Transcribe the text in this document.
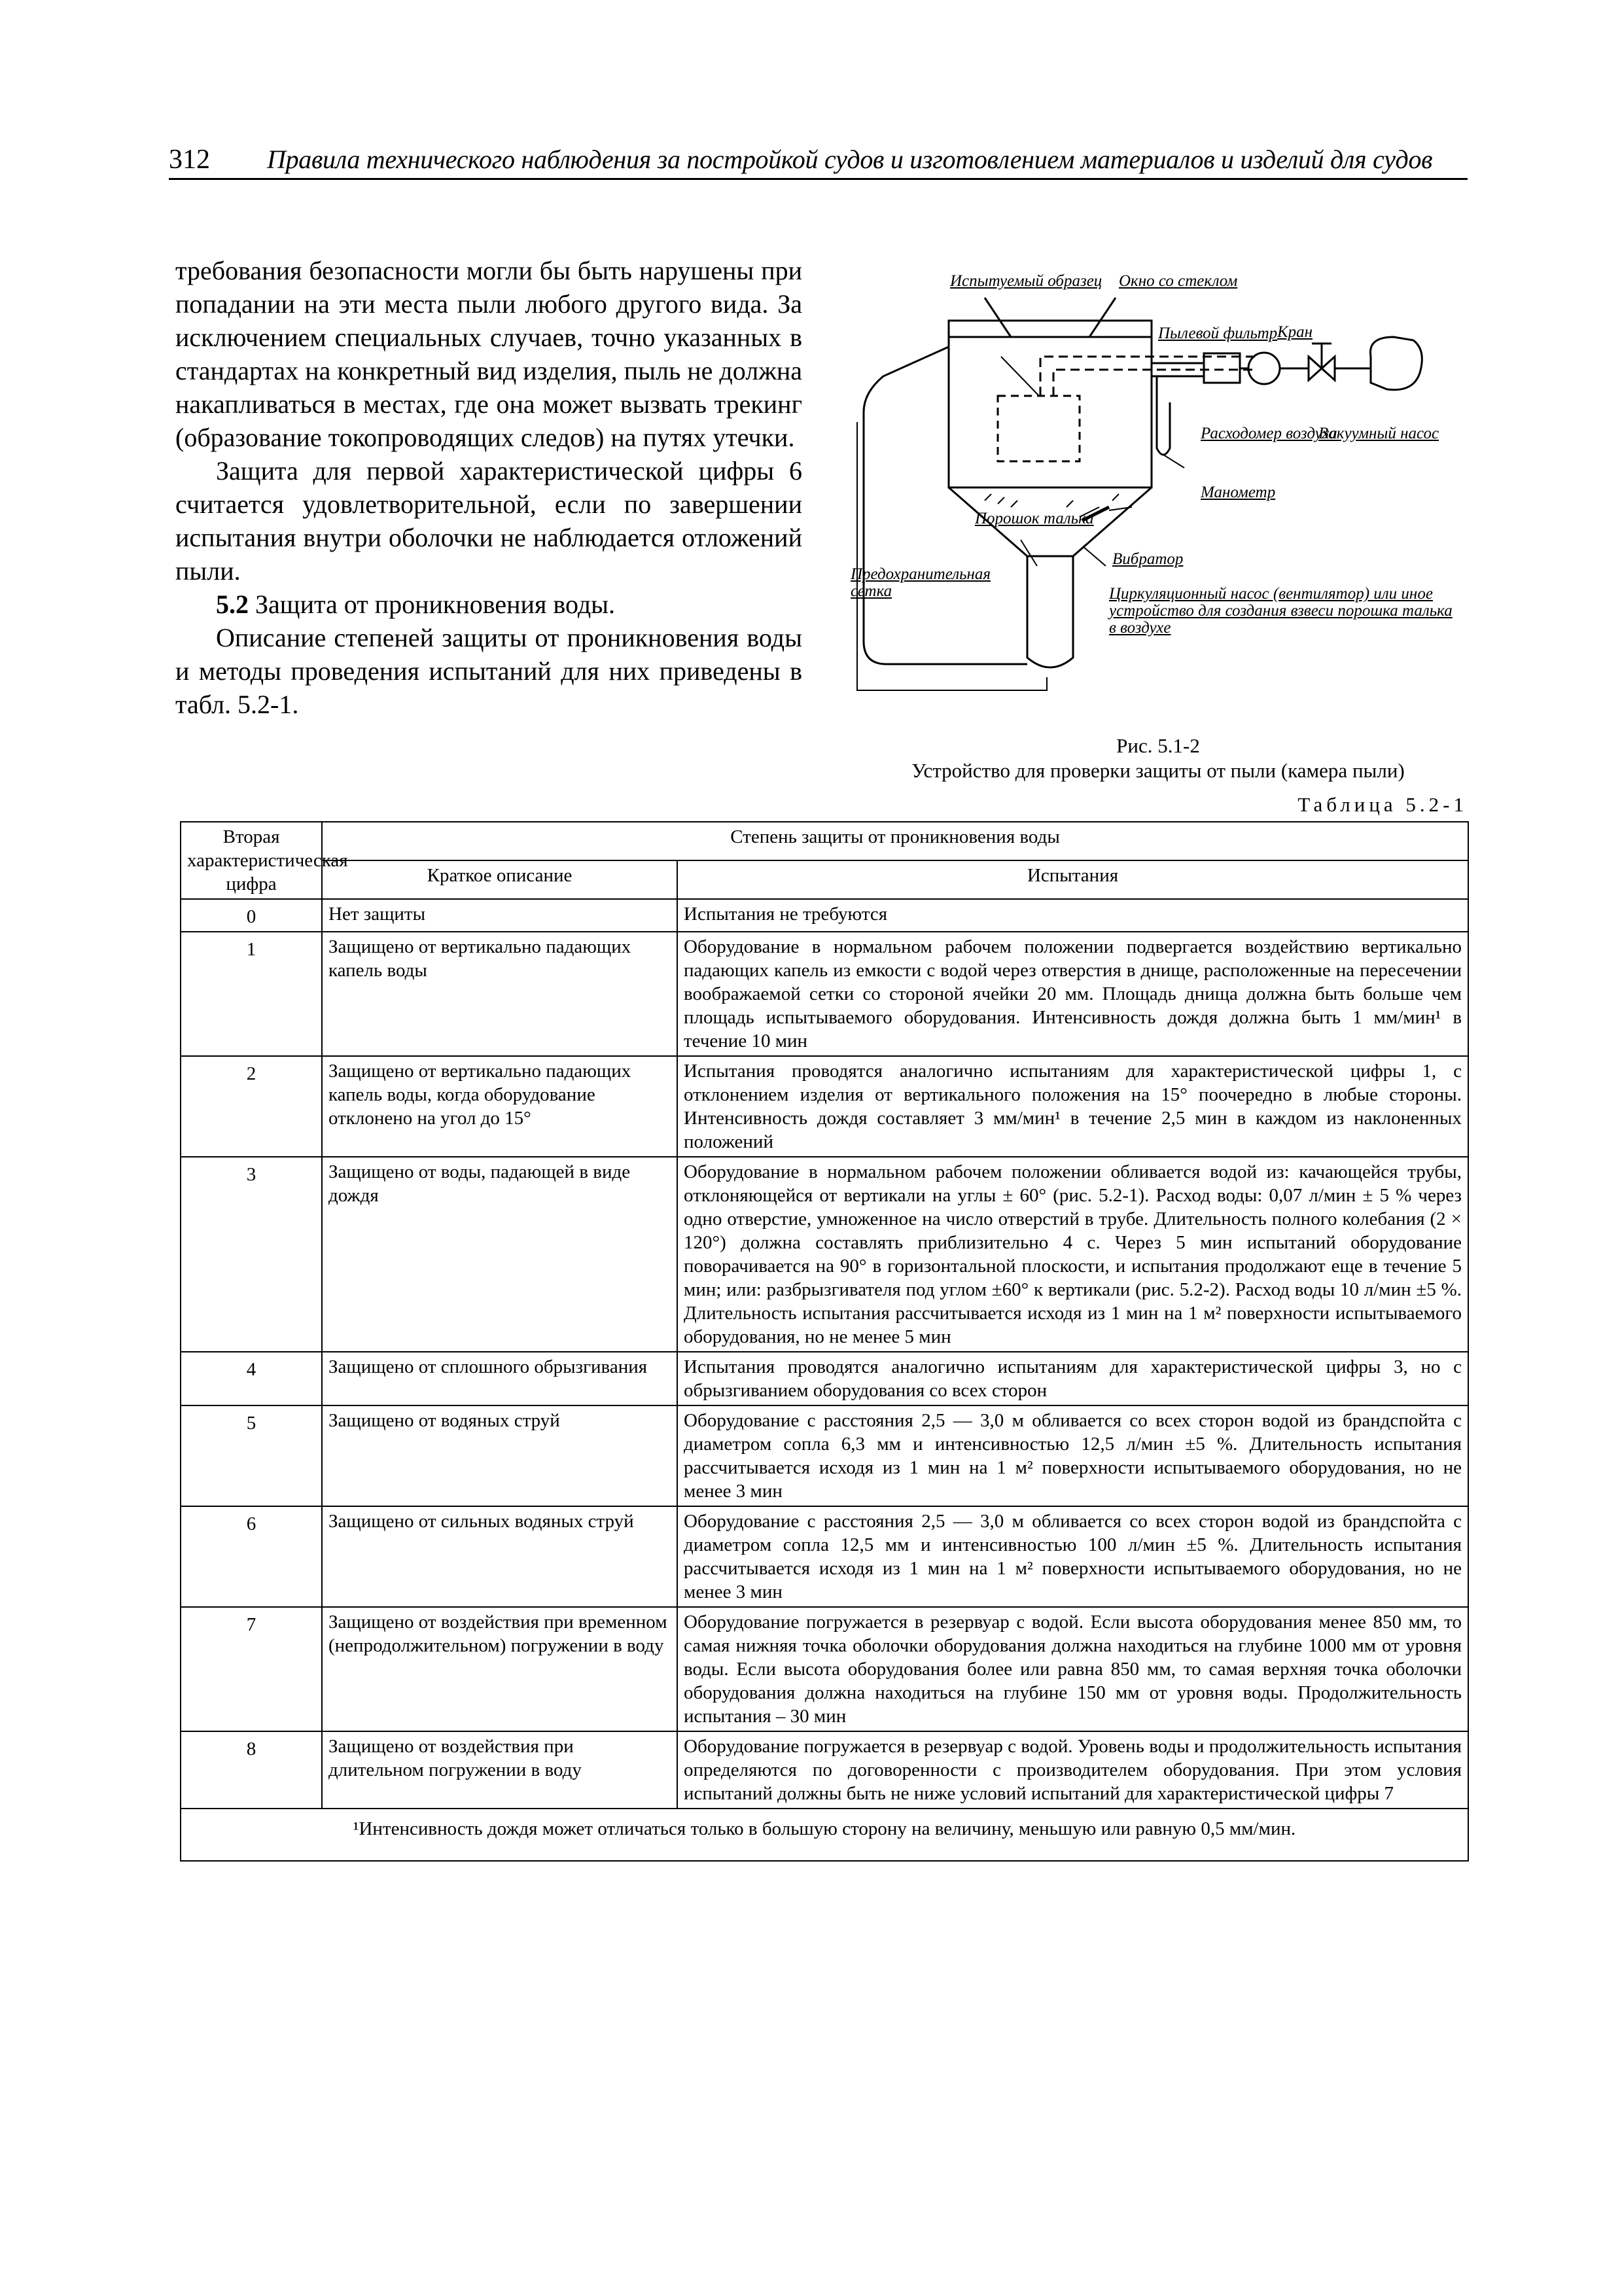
312 Правила технического наблюдения за постройкой судов и изготовлением материалов и изделий для судов

требования безопасности могли бы быть нарушены при попадании на эти места пыли любого другого вида. За исключением специальных случаев, точно указанных в стандартах на конкретный вид изделия, пыль не должна накапливаться в местах, где она может вызвать трекинг (образование токопроводящих следов) на путях утечки.

Защита для первой характеристической цифры 6 считается удовлетворительной, если по завершении испытания внутри оболочки не наблюдается отложений пыли.

5.2 Защита от проникновения воды.

Описание степеней защиты от проникновения воды и методы проведения испытаний для них приведены в табл. 5.2-1.

Испытуемый образец Окно со стеклом
Пылевой фильтр Кран
Расходомер воздуха
Вакуумный насос
Манометр
Порошок талька
Вибратор
Предохранительная сетка	Циркуляционный насос (вентилятор) или иное устройство для создания взвеси порошка талька в воздухе
Рис. 5.1-2
Устройство для проверки защиты от пыли (камера пыли)
Таблица 5.2-1
Вторая характеристическая цифра	Степень защиты от проникновения воды	
	Краткое описание	Испытания
0	Нет защиты	Испытания не требуются
1	Защищено от вертикально падающих капель воды	Оборудование в нормальном рабочем положении подвергается воздействию вертикально падающих капель из емкости с водой через отверстия в днище, расположенные на пересечении воображаемой сетки со стороной ячейки 20 мм. Площадь днища должна быть больше чем площадь испытываемого оборудования. Интенсивность дождя должна быть 1 мм/мин¹ в течение 10 мин
2	Защищено от вертикально падающих капель воды, когда оборудование отклонено на угол до 15°	Испытания проводятся аналогично испытаниям для характеристической цифры 1, с отклонением изделия от вертикального положения на 15° поочередно в любые стороны. Интенсивность дождя составляет 3 мм/мин¹ в течение 2,5 мин в каждом из наклоненных положений
3	Защищено от воды, падающей в виде дождя	Оборудование в нормальном рабочем положении обливается водой из: качающейся трубы, отклоняющейся от вертикали на углы ± 60° (рис. 5.2-1). Расход воды: 0,07 л/мин ± 5 % через одно отверстие, умноженное на число отверстий в трубе. Длительность полного колебания (2 × 120°) должна составлять приблизительно 4 с. Через 5 мин испытаний оборудование поворачивается на 90° в горизонтальной плоскости, и испытания продолжают еще в течение 5 мин; или: разбрызгивателя под углом ±60° к вертикали (рис. 5.2-2). Расход воды 10 л/мин ±5 %. Длительность испытания рассчитывается исходя из 1 мин на 1 м² поверхности испытываемого оборудования, но не менее 5 мин
4	Защищено от сплошного обрызгивания	Испытания проводятся аналогично испытаниям для характеристической цифры 3, но с обрызгиванием оборудования со всех сторон
5	Защищено от водяных струй	Оборудование с расстояния 2,5 — 3,0 м обливается со всех сторон водой из брандспойта с диаметром сопла 6,3 мм и интенсивностью 12,5 л/мин ±5 %. Длительность испытания рассчитывается исходя из 1 мин на 1 м² поверхности испытываемого оборудования, но не менее 3 мин
6	Защищено от сильных водяных струй	Оборудование с расстояния 2,5 — 3,0 м обливается со всех сторон водой из брандспойта с диаметром сопла 12,5 мм и интенсивностью 100 л/мин ±5 %. Длительность испытания рассчитывается исходя из 1 мин на 1 м² поверхности испытываемого оборудования, но не менее 3 мин
7	Защищено от воздействия при временном (непродолжительном) погружении в воду	Оборудование погружается в резервуар с водой. Если высота оборудования менее 850 мм, то самая нижняя точка оболочки оборудования должна находиться на глубине 1000 мм от уровня воды. Если высота оборудования более или равна 850 мм, то самая верхняя точка оболочки оборудования должна находиться на глубине 150 мм от уровня воды. Продолжительность испытания – 30 мин
8	Защищено от воздействия при длительном погружении в воду	Оборудование погружается в резервуар с водой. Уровень воды и продолжительность испытания определяются по договоренности с производителем оборудования. При этом условия испытаний должны быть не ниже условий испытаний для характеристической цифры 7
¹Интенсивность дождя может отличаться только в большую сторону на величину, меньшую или равную 0,5 мм/мин.		
